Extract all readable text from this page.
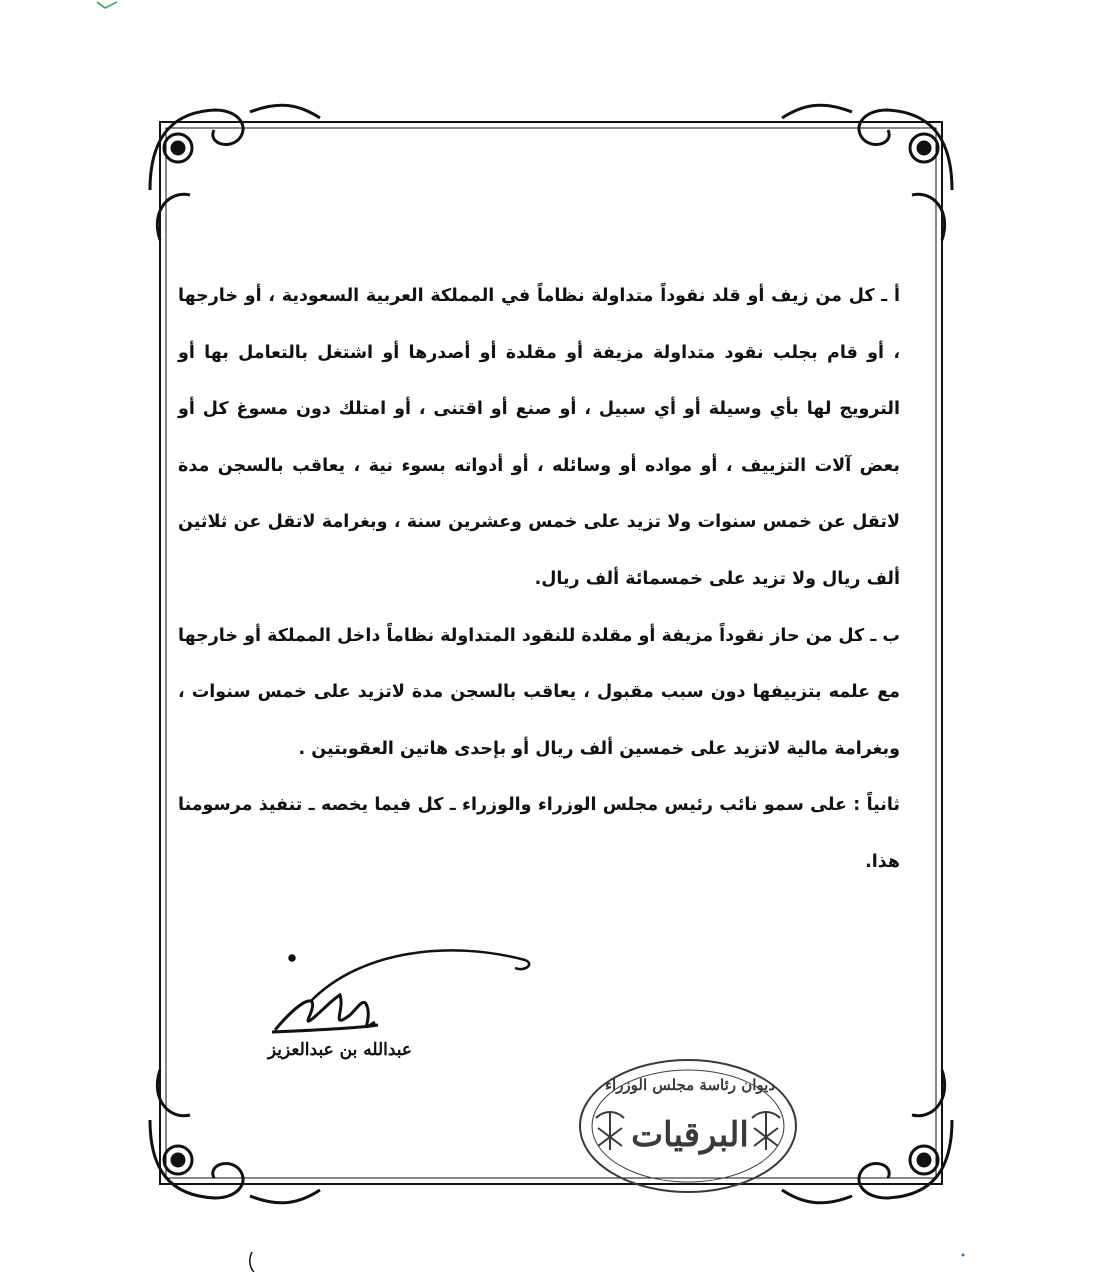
ديوان رئاسة مجلس الوزراء
البرقيات

أ ـ كل من زيف أو قلد نقوداً متداولة نظاماً في المملكة العربية السعودية ، أو خارجها ، أو قام بجلب نقود متداولة مزيفة أو مقلدة أو أصدرها أو اشتغل بالتعامل بها أو الترويج لها بأي وسيلة أو أي سبيل ، أو صنع أو اقتنى ، أو امتلك دون مسوغ كل أو بعض آلات التزييف ، أو مواده أو وسائله ، أو أدواته بسوء نية ، يعاقب بالسجن مدة لاتقل عن خمس سنوات ولا تزيد على خمس وعشرين سنة ، وبغرامة لاتقل عن ثلاثين ألف ريال ولا تزيد على خمسمائة ألف ريال.

ب ـ كل من حاز نقوداً مزيفة أو مقلدة للنقود المتداولة نظاماً داخل المملكة أو خارجها مع علمه بتزييفها دون سبب مقبول ، يعاقب بالسجن مدة لاتزيد على خمس سنوات ، وبغرامة مالية لاتزيد على خمسين ألف ريال أو بإحدى هاتين العقوبتين .

ثانياً : على سمو نائب رئيس مجلس الوزراء والوزراء ـ كل فيما يخصه ـ تنفيذ مرسومنا هذا.

عبدالله بن عبدالعزيز
